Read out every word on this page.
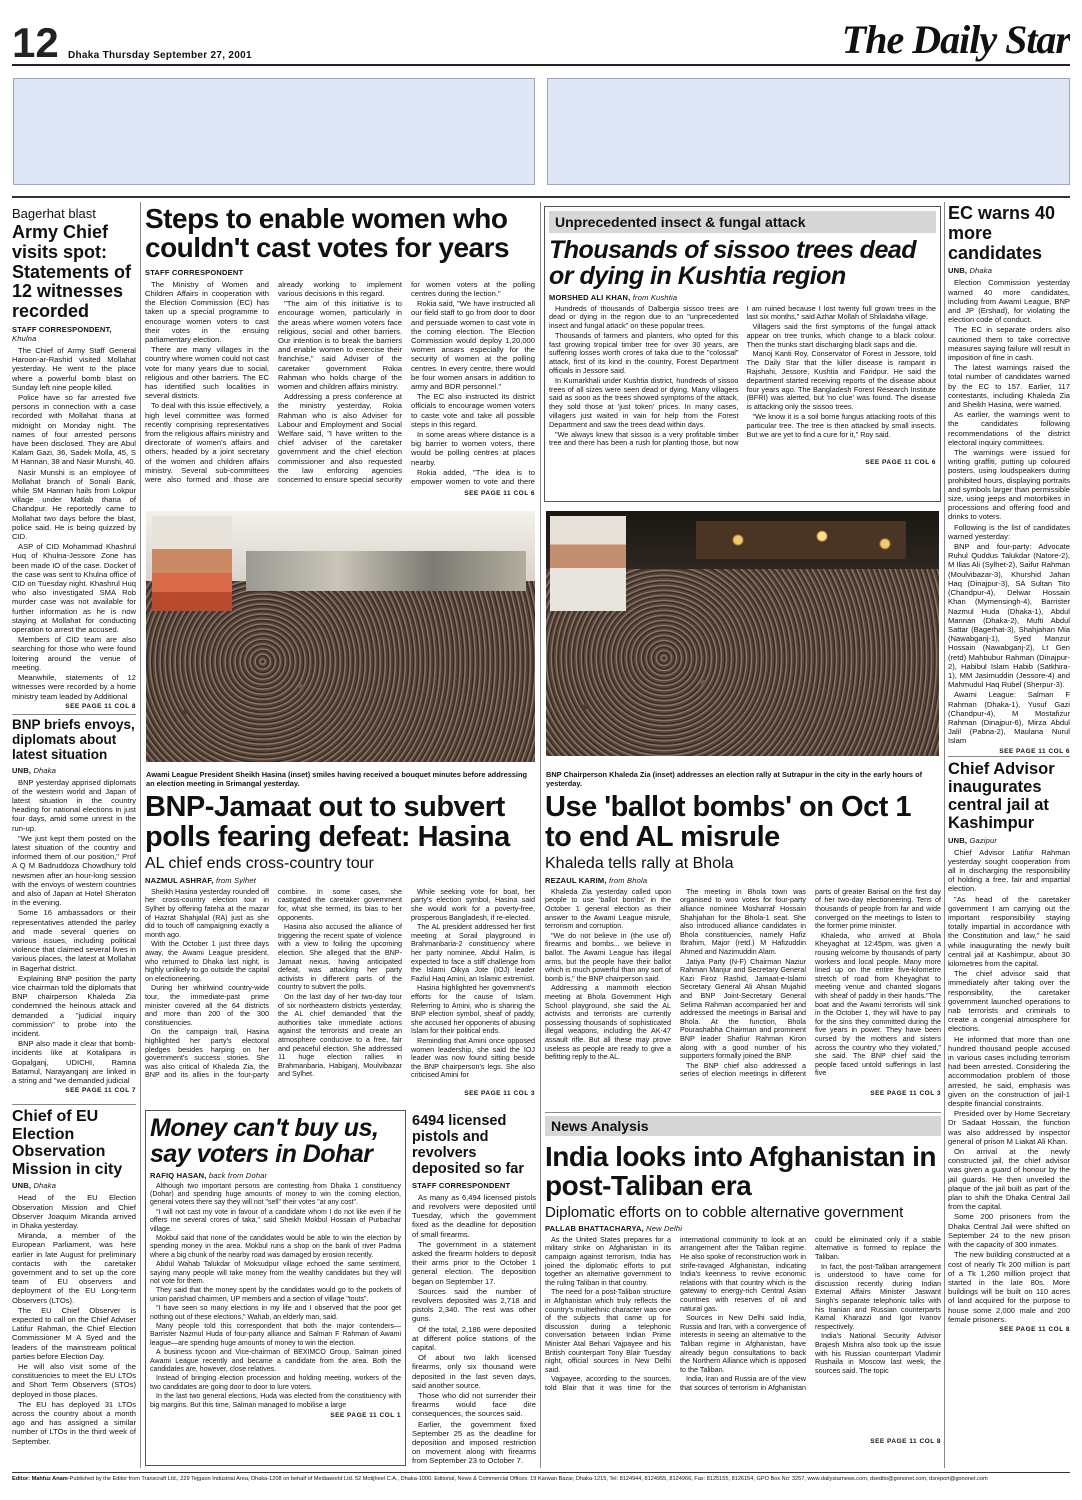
12 Dhaka Thursday September 27, 2001	The Daily Star
Bagerhat blast
Army Chief visits spot: Statements of 12 witnesses recorded
STAFF CORRESPONDENT, Khulna

The Chief of Army Staff General Haroon-ar-Rashid visited Mollahat yesterday. He went to the place where a powerful bomb blast on Sunday left nine people killed.

Police have so far arrested five persons in connection with a case recorded with Mollahat thana at midnight on Monday night. The names of four arrested persons have been disclosed. They are Abul Kalam Gazi, 36, Sadek Molla, 45, S M Hannan, 38 and Nasir Munshi, 40.

Nasir Munshi is an employee of Mollahat branch of Sonali Bank, while SM Hannan hails from Lokpur village under Matlab thana of Chandpur. He reportedly came to Mollahat two days before the blast, police said. He is being quizzed by CID.

ASP of CID Mohammad Khashrul Huq of Khulna-Jessore Zone has been made IO of the case. Docket of the case was sent to Khulna office of CID on Tuesday night. Khashrul Huq who also investigated SMA Rob murder case was not available for further information as he is now staying at Mollahat for conducting operation to arrest the accused.

Members of CID team are also searching for those who were found loitering around the venue of meeting.

Meanwhile, statements of 12 witnesses were recorded by a home ministry team leaded by Additional

SEE PAGE 11 COL 8
BNP briefs envoys, diplomats about latest situation
UNB, Dhaka

BNP yesterday apprised diplomats of the western world and Japan of latest situation in the country heading for national elections in just four days, amid some unrest in the run-up.

"We just kept them posted on the latest situation of the country and informed them of our position," Prof A Q M Badruddoza Chowdhury told newsmen after an hour-long session with the envoys of western countries and also of Japan at Hotel Sheraton in the evening.

Some 16 ambassadors or their representatives attended the parley and made several queries on various issues, including political violence that claimed several lives in various places, the latest at Mollahat in Bagerhat district.

Explaining BNP position the party vice chairman told the diplomats that BNP chairperson Khaleda Zia condemned the heinous attack and demanded a "judicial inquiry commission" to probe into the incident.

BNP also made it clear that bomb-incidents like at Kotalipara in Gopalganj, UDICHI, Ramna Batamul, Narayanganj are linked in a string and "we demanded judicial

SEE PAGE 11 COL 7
Chief of EU Election Observation Mission in city
UNB, Dhaka

Head of the EU Election Observation Mission and Chief Observer Joaquim Miranda arrived in Dhaka yesterday.

Miranda, a member of the European Parliament, was here earlier in late August for preliminary contacts with the caretaker government and to set up the core team of EU observers and deployment of the EU Long-term Observers (LTOs).

The EU Chief Observer is expected to call on the Chief Adviser Latifur Rahman, the Chief Election Commissioner M A Syed and the leaders of the mainstream political parties before Election Day.

He will also visit some of the constituencies to meet the EU LTOs and Short Term Observers (STOs) deployed in those places.

The EU has deployed 31 LTOs across the country about a month ago and has assigned a similar number of LTOs in the third week of September.

Steps to enable women who couldn't cast votes for years
STAFF CORRESPONDENT

The Ministry of Women and Children Affairs in cooperation with the Election Commission (EC) has taken up a special programme to encourage women voters to cast their votes in the ensuing parliamentary election.

There are many villages in the country where women could not cast vote for many years due to social, religious and other barriers. The EC has identified such localities in several districts.

To deal with this issue effectively, a high level committee was formed recently comprising representatives from the religious affairs ministry and directorate of women's affairs and others, headed by a joint secretary of the women and children affairs ministry. Several sub-committees were also formed and those are already working to implement various decisions in this regard.

"The aim of this initiative is to encourage women, particularly in the areas where women voters face religious, social and other barriers. Our intention is to break the barriers and enable women to exercise their franchise," said Adviser of the caretaker government Rokia Rahman who holds charge of the women and children affairs ministry.

Addressing a press conference at the ministry yesterday, Rokia Rahman who is also Adviser for Labour and Employment and Social Welfare said, "I have written to the chief adviser of the caretaker government and the chief election commissioner and also requested the law enforcing agencies concerned to ensure special security for women voters at the polling centres during the lection."

Rokia said, "We have instructed all our field staff to go from door to door and persuade women to cast vote in the coming election. The Election Commission would deploy 1,20,000 women ansars especially for the security of women at the polling centres. In every centre, there would be four women ansars in addition to army and BDR personnel."

The EC also instructed its district officials to encourage women voters to caste vote and take all possible steps in this regard.

In some areas where distance is a big barrier to women voters, there would be polling centres at places nearby.

Rokia added, "The idea is to empower women to vote and there

SEE PAGE 11 COL 6
Unprecedented insect & fungal attack
Thousands of sissoo trees dead or dying in Kushtia region
MORSHED ALI KHAN, from Kushtia

Hundreds of thousands of Dalbergia sissoo trees are dead or dying in the region due to an "unprecedented insect and fungal attack" on these popular trees.

Thousands of farmers and planters, who opted for this fast growing tropical timber tree for over 30 years, are suffering losses worth crores of taka due to the "colossal" attack, first of its kind in the country, Forest Department officials in Jessore said.

In Kumarkhali under Kushtia district, hundreds of sissoo trees of all sizes were seen dead or dying. Many villagers said as soon as the trees showed symptoms of the attack, they sold those at 'just token' prices. In many cases, villagers just waited in vain for help from the Forest Department and saw the trees dead within days.

"We always knew that sissoo is a very profitable timber tree and there has been a rush for planting those, but now I am ruined because I lost twenty full grown trees in the last six months," said Azhar Mollah of Shilaidaha village.

Villagers said the first symptoms of the fungal attack appear on tree trunks, which change to a black colour. Then the trunks start discharging black saps and die.

Manoj Kanti Roy, Conservator of Forest in Jessore, told The Daily Star that the killer disease is rampant in Rajshahi, Jessore, Kushtia and Faridpur. He said the department started receiving reports of the disease about four years ago. The Bangladesh Forest Research Institute (BFRI) was alerted, but 'no clue' was found. The disease is attacking only the sissoo trees.

"We know it is a soil borne fungus attacking roots of this particular tree. The tree is then attacked by small insects. But we are yet to find a cure for it," Roy said.

SEE PAGE 11 COL 6
EC warns 40 more candidates
UNB, Dhaka

Election Commission yesterday warned 40 more candidates, including from Awami League, BNP and JP (Ershad), for violating the election code of conduct.

The EC in separate orders also cautioned them to take corrective measures saying failure will result in imposition of fine in cash.

The latest warnings raised the total number of candidates warned by the EC to 157. Earlier, 117 contestants, including Khaleda Zia and Sheikh Hasina, were warned.

As earlier, the warnings went to the candidates following recommendations of the district electoral inquiry committees.

The warnings were issued for writing graffiti, putting up coloured posters, using loudspeakers during prohibited hours, displaying portraits and symbols larger than permissible size, using jeeps and motorbikes in processions and offering food and drinks to voters.

Following is the list of candidates warned yesterday:

BNP and four-party: Advocate Ruhul Quddus Talukdar (Natore-2), M Ilias Ali (Sylhet-2), Saifur Rahman (Moulvibazar-3), Khurshid Jahan Haq (Dinajpur-3), SA Sultan Tito (Chandpur-4), Delwar Hossain Khan (Mymensingh-4), Barrister Nazmul Huda (Dhaka-1), Abdul Mannan (Dhaka-2), Mufti Abdul Sattar (Bagerhat-3), Shahjahan Mia (Nawabganj-1), Syed Manzur Hossain (Nawabganj-2), Lt Gen (retd) Mahbubur Rahman (Dinajpur-2), Habibul Islam Habib (Satkhira-1), MM Jasimuddin (Jessore-4) and Mahmudul Haq Rubel (Sherpur-3).

Awami League: Salman F Rahman (Dhaka-1), Yusuf Gazi (Chandpur-4), M Mostafizur Rahman (Dinajpur-6), Mirza Abdul Jalil (Pabna-2), Maulana Nurul Islam

SEE PAGE 11 COL 6
Chief Advisor inaugurates central jail at Kashimpur
UNB, Gazipur

Chief Advisor Latifur Rahman yesterday sought cooperation from all in discharging the responsibility of holding a free, fair and impartial election.

"As head of the caretaker government I am carrying out the important responsibility staying totally impartial in accordance with the Constitution and law," he said while inaugurating the newly built central jail at Kashimpur, about 30 kilometres from the capital.

The chief advisor said that immediately after taking over the responsibility, the caretaker government launched operations to nab terrorists and criminals to create a congenial atmosphere for elections.

He informed that more than one hundred thousand people accused in various cases including terrorism had been arrested. Considering the accommodation problem of those arrested, he said, emphasis was given on the construction of jail-1 despite financial constraints.

Presided over by Home Secretary Dr Sadaat Hossain, the function was also addressed by inspector general of prison M Liakat Ali Khan.

On arrival at the newly constructed jail, the chief advisor was given a guard of honour by the jail guards. He then unveiled the plaque of the jail built as part of the plan to shift the Dhaka Central Jail from the capital.

Some 200 prisoners from the Dhaka Central Jail were shifted on September 24 to the new prison with the capacity of 300 inmates.

The new building constructed at a cost of nearly Tk 200 million is part of a Tk 1,260 million project that started in the late 80s. More buildings will be built on 110 acres of land acquired for the purpose to house some 2,000 male and 200 female prisoners.

SEE PAGE 11 COL 8
Awami League President Sheikh Hasina (inset) smiles having received a bouquet minutes before addressing an election meeting in Srimangal yesterday.
BNP Chairperson Khaleda Zia (inset) addresses an election rally at Sutrapur in the city in the early hours of yesterday.
BNP-Jamaat out to subvert polls fearing defeat: Hasina
AL chief ends cross-country tour
NAZMUL ASHRAF, from Sylhet

Sheikh Hasina yesterday rounded off her cross-country election tour in Sylhet by offering fateha at the mazar of Hazrat Shahjalal (RA) just as she did to touch off campaigning exactly a month ago.

With the October 1 just three days away, the Awami League president, who returned to Dhaka last night, is highly unlikely to go outside the capital on electioneering.

During her whirlwind country-wide tour, the immediate-past prime minister covered all the 64 districts and more than 200 of the 300 constituencies.

On the campaign trail, Hasina highlighted her party's electoral pledges besides harping on her government's success stories. She was also critical of Khaleda Zia, the BNP and its allies in the four-party combine. In some cases, she castigated the caretaker government for, what she termed, its bias to her opponents.

Hasina also accused the alliance of triggering the recent spate of violence with a view to foiling the upcoming election. She alleged that the BNP-Jamaat nexus, having anticipated defeat, was attacking her party activists in different parts of the country to subvert the polls.

On the last day of her two-day tour of six northeastern districts yesterday, the AL chief demanded that the authorities take immediate actions against the terrorists and create an atmosphere conducive to a free, fair and peaceful election. She addressed 11 huge election rallies in Brahmanbaria, Habiganj, Moulvibazar and Sylhet.

While seeking vote for boat, her party's election symbol, Hasina said she would work for a poverty-free, prosperous Bangladesh, if re-elected.

The AL president addressed her first meeting at Sorail playground in Brahmanbaria-2 constituency where her party nominee, Abdul Halim, is expected to face a stiff challenge from the Islami Oikya Jote (IOJ) leader Fazlul Haq Amini, an Islamic extremist.

Hasina highlighted her government's efforts for the cause of Islam. Referring to Amini, who is sharing the BNP election symbol, sheaf of paddy, she accused her opponents of abusing Islam for their political ends.

Reminding that Amini once opposed women leadership, she said the IOJ leader was now found sitting beside the BNP chairperson's legs. She also criticised Amini for

SEE PAGE 11 COL 3
Use 'ballot bombs' on Oct 1 to end AL misrule
Khaleda tells rally at Bhola
REZAUL KARIM, from Bhola

Khaleda Zia yesterday called upon people to use 'ballot bombs' in the October 1 general election as their answer to the Awami League misrule, terrorism and corruption.

"We do not believe in (the use of) firearms and bombs... we believe in ballot. The Awami League has illegal arms, but the people have their ballot which is much powerful than any sort of bomb is," the BNP chairperson said.

Addressing a mammoth election meeting at Bhola Government High School playground, she said the AL activists and terrorists are currently possessing thousands of sophisticated illegal weapons, including the AK-47 assault rifle. But all these may prove useless as people are ready to give a befitting reply to the AL.

The meeting in Bhola town was organised to woo votes for four-party alliance nominee Mosharraf Hossain Shahjahan for the Bhola-1 seat. She also introduced alliance candidates in Bhola constituencies, namely Hafiz Ibrahim, Major (retd.) M Hafizuddin Ahmed and Nazimuddin Alam.

Jatiya Party (N-F) Chairman Naziur Rahman Manjur and Secretary General Kazi Firoz Rashid, Jamaat-e-Islami Secretary General Ali Ahsan Mujahid and BNP Joint-Secretary General Selima Rahman accompanied her and addressed the meetings in Barisal and Bhola. At the function, Bhola Pourashabha Chairman and prominent BNP leader Shafiur Rahman Kiron along with a good number of his supporters formally joined the BNP.

The BNP chief also addressed a series of election meetings in different parts of greater Barisal on the first day of her two-day electioneering. Tens of thousands of people from far and wide converged on the meetings to listen to the former prime minister.

Khaleda, who arrived at Bhola Kheyaghat at 12:45pm, was given a rousing welcome by thousands of party workers and local people. Many more lined up on the entire five-kilometre stretch of road from Kheyaghat to meeting venue and chanted slogans with sheaf of paddy in their hands."The boat and the Awami terrorists will sink in the October 1, they will have to pay for the sins they committed during the five years in power. They have been cursed by the mothers and sisters across the country who they violated," she said. The BNP chief said the people faced untold sufferings in last five

SEE PAGE 11 COL 3
Money can't buy us, say voters in Dohar
RAFIQ HASAN, back from Dohar

Although two important persons are contesting from Dhaka 1 constituency (Dohar) and spending huge amounts of money to win the coming election, general voters there say they will not "sell" their votes "at any cost".

"I will not cast my vote in favour of a candidate whom I do not like even if he offers me several crores of taka," said Sheikh Mokbul Hossain of Purbachar village.

Mokbul said that none of the candidates would be able to win the election by spending money in the area. Mokbul runs a shop on the bank of river Padma where a big chunk of the nearby road was damaged by erosion recently.

Abdul Wahab Talukdar of Moksudpur village echoed the same sentiment, saying many people will take money from the wealthy candidates but they will not vote for them.

They said that the money spent by the candidates would go to the pockets of union parishad chairmen, UP members and a section of village "touts".

"I have seen so many elections in my life and I observed that the poor get nothing out of these elections," Wahab, an elderly man, said.

Many people told this correspondent that both the major contenders— Barrister Nazmul Huda of four-party alliance and Salman F Rahman of Awami league—are spending huge amounts of money to win the election.

A business tycoon and Vice-chairman of BEXIMCO Group, Salman joined Awami League recently and became a candidate from the area. Both the candidates are, however, close relatives.

Instead of bringing election procession and holding meeting, workers of the two candidates are going door to door to lure voters.

In the last two general elections, Huda was elected from the constituency with big margins. But this time, Salman managed to mobilise a large

SEE PAGE 11 COL 1
6494 licensed pistols and revolvers deposited so far
STAFF CORRESPONDENT

As many as 6,494 licensed pistols and revolvers were deposited until Tuesday, which the government fixed as the deadline for deposition of small firearms.

The government in a statement asked the firearm holders to deposit their arms prior to the October 1 general election. The deposition began on September 17.

Sources said the number of revolvers deposited was 2,718 and pistols 2,340. The rest was other guns.

Of the total, 2,186 were deposited at different police stations of the capital.

Of about two lakh licensed firearms, only six thousand were deposited in the last seven days, said another source.

Those who did not surrender their firearms would face dire consequences, the sources said.

Earlier, the government fixed September 25 as the deadline for deposition and imposed restriction on movement along with firearms from September 23 to October 7.

News Analysis
India looks into Afghanistan in post-Taliban era
Diplomatic efforts on to cobble alternative government
PALLAB BHATTACHARYA, New Delhi

As the United States prepares for a military strike on Afghanistan in its campaign against terrorism, India has joined the diplomatic efforts to put together an alternative government to the ruling Taliban in that country.

The need for a post-Taliban structure in Afghanistan which truly reflects the country's multiethnic character was one of the subjects that came up for discussion during a telephonic conversation between Indian Prime Minister Atal Behari Vajpayee and his British counterpart Tony Blair Tuesday night, official sources in New Delhi said.

Vajpayee, according to the sources, told Blair that it was time for the international community to look at an arrangement after the Taliban regime. He also spoke of reconstruction work in strife-ravaged Afghanistan, indicating India's keenness to revive economic relations with that country which is the gateway to energy-rich Central Asian countries with reserves of oil and natural gas.

Sources in New Delhi said India, Russia and Iran, with a convergence of interests in seeing an alternative to the Taliban regime in Afghanistan, have already begun consultations to back the Northern Alliance which is opposed to the Taliban.

India, Iran and Russia are of the view that sources of terrorism in Afghanistan could be eliminated only if a stable alternative is formed to replace the Taliban.

In fact, the post-Taliban arrangement is understood to have come for discussion recently during Indian External Affairs Minister Jaswant Singh's separate telephonic talks with his Iranian and Russian counterparts Kamal Kharazzi and Igor Ivanov respectively.

India's National Security Advisor Brajesh Mishra also took up the issue with his Russian counterpart Vladimir Rushaila in Moscow last week, the sources said. The topic

SEE PAGE 11 COL 8
Editor: Mahfuz Anam-Published by the Editor from Transcraft Ltd., 229 Tejgaon Industrial Area, Dhaka-1208 on behalf of Mediaworld Ltd. 52 Motijheel C.A., Dhaka-1000. Editorial, News & Commercial Offices: 19 Karwan Bazar, Dhaka-1215, Tel: 8124944, 8124955, 8124966, Fax: 8125155, 8126154, GPO Box No: 3257, www.dailystarnews.com, dsedito@gononet.com, dsreport@gononet.com
